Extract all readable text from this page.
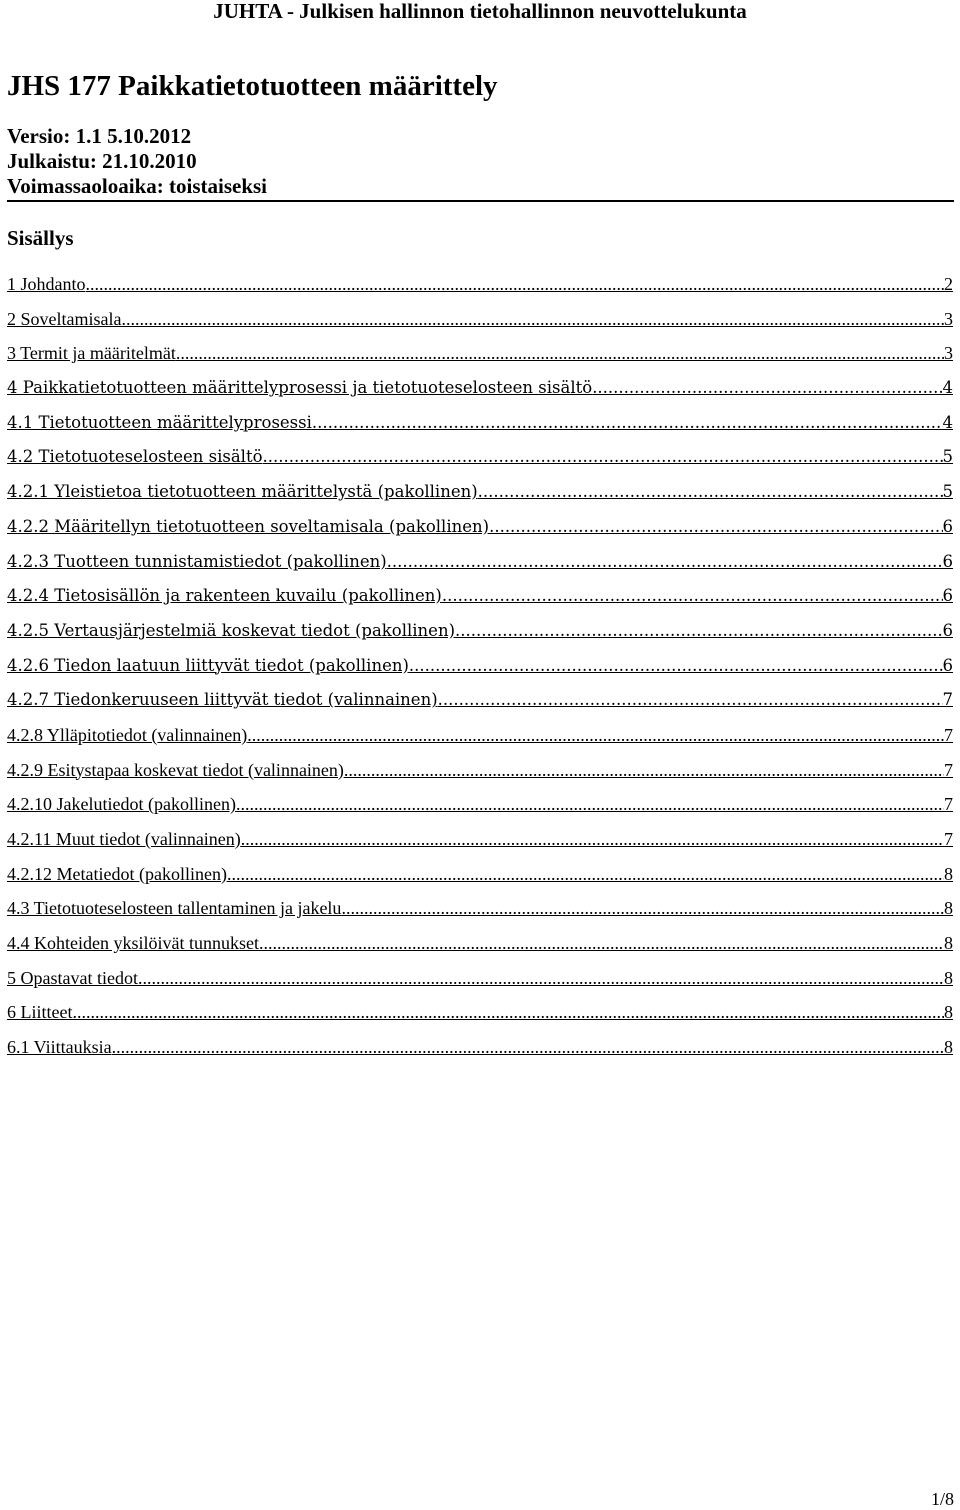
JUHTA - Julkisen hallinnon tietohallinnon neuvottelukunta
JHS 177 Paikkatietotuotteen määrittely
Versio: 1.1 5.10.2012
Julkaistu: 21.10.2010
Voimassaoloaika: toistaiseksi
Sisällys
1 Johdanto .....	2
2 Soveltamisala .....	3
3 Termit ja määritelmät .....	3
4 Paikkatietotuotteen määrittelyprosessi ja tietotuoteselosteen sisältö .....	4
4.1 Tietotuotteen määrittelyprosessi .....	4
4.2 Tietotuoteselosteen sisältö .....	5
4.2.1 Yleistietoa tietotuotteen määrittelystä (pakollinen) .....	5
4.2.2 Määritellyn tietotuotteen soveltamisala (pakollinen) .....	6
4.2.3 Tuotteen tunnistamistiedot (pakollinen) .....	6
4.2.4 Tietosisällön ja rakenteen kuvailu (pakollinen) .....	6
4.2.5 Vertausjärjestelmiä koskevat tiedot (pakollinen) .....	6
4.2.6 Tiedon laatuun liittyvät tiedot (pakollinen) .....	6
4.2.7 Tiedonkeruuseen liittyvät tiedot (valinnainen) .....	7
4.2.8 Ylläpitotiedot (valinnainen) .....	7
4.2.9 Esitystapaa koskevat tiedot (valinnainen) .....	7
4.2.10 Jakelutiedot (pakollinen) .....	7
4.2.11 Muut tiedot (valinnainen) .....	7
4.2.12 Metatiedot (pakollinen) .....	8
4.3 Tietotuoteselosteen tallentaminen ja jakelu .....	8
4.4 Kohteiden yksilöivät tunnukset .....	8
5 Opastavat tiedot .....	8
6 Liitteet .....	8
6.1 Viittauksia .....	8
1/8
